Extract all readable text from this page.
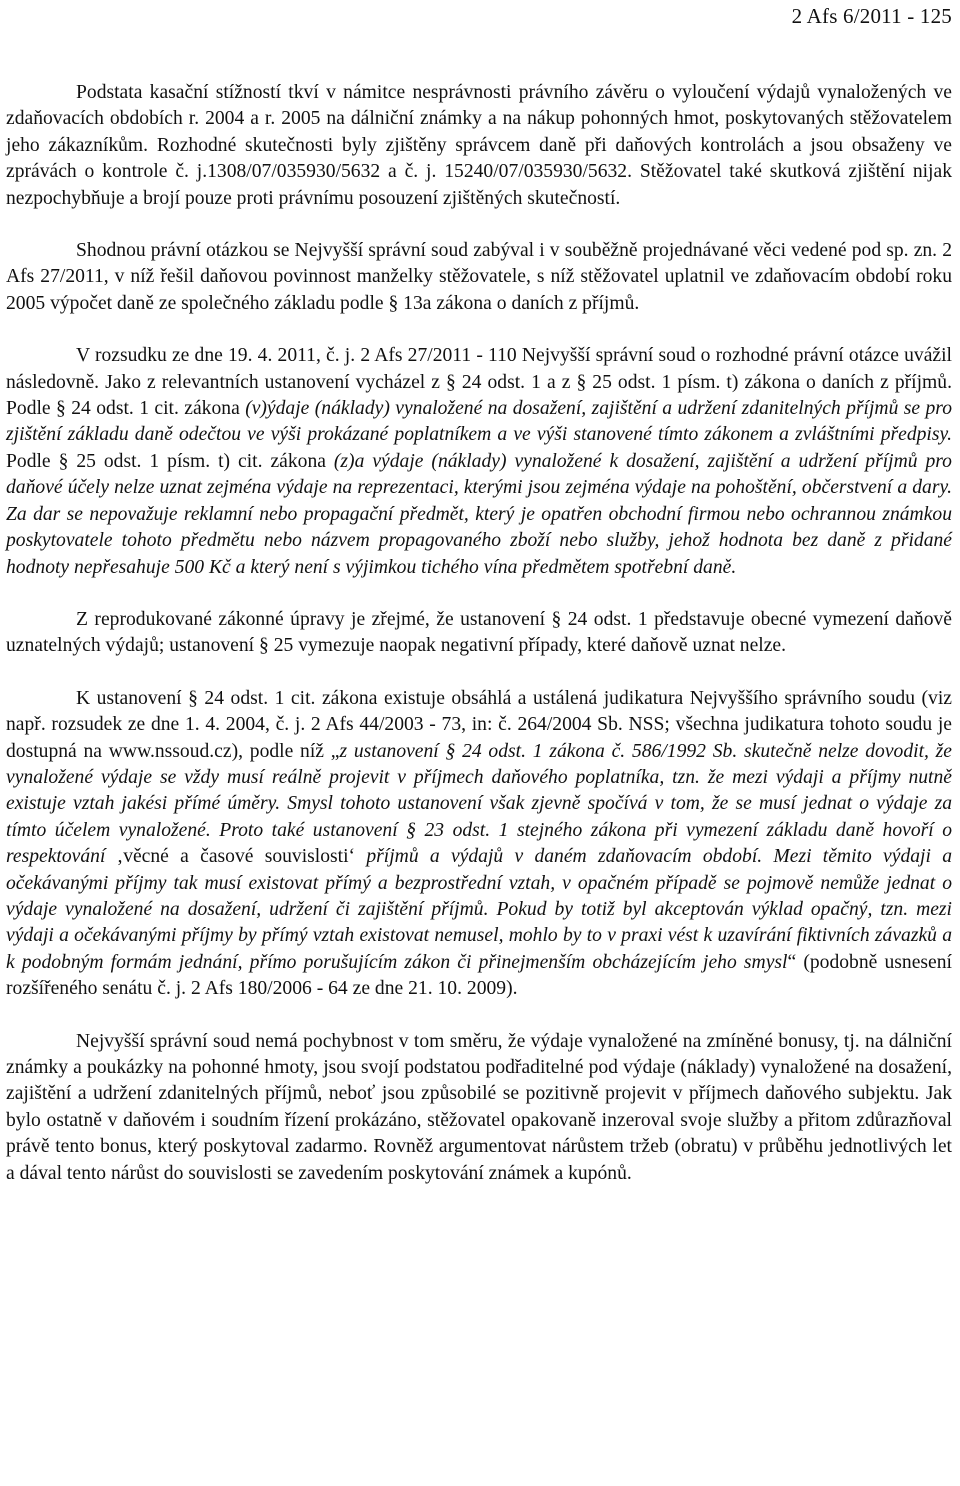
2 Afs 6/2011 - 125

Podstata kasační stížností tkví v námitce nesprávnosti právního závěru o vyloučení výdajů vynaložených ve zdaňovacích obdobích r. 2004 a r. 2005 na dálniční známky a na nákup pohonných hmot, poskytovaných stěžovatelem jeho zákazníkům. Rozhodné skutečnosti byly zjištěny správcem daně při daňových kontrolách a jsou obsaženy ve zprávách o kontrole č. j.1308/07/035930/5632 a č. j. 15240/07/035930/5632. Stěžovatel také skutková zjištění nijak nezpochybňuje a brojí pouze proti právnímu posouzení zjištěných skutečností.

Shodnou právní otázkou se Nejvyšší správní soud zabýval i v souběžně projednávané věci vedené pod sp. zn. 2 Afs 27/2011, v níž řešil daňovou povinnost manželky stěžovatele, s níž stěžovatel uplatnil ve zdaňovacím období roku 2005 výpočet daně ze společného základu podle § 13a zákona o daních z příjmů.

V rozsudku ze dne 19. 4. 2011, č. j. 2 Afs 27/2011 - 110 Nejvyšší správní soud o rozhodné právní otázce uvážil následovně. Jako z relevantních ustanovení vycházel z § 24 odst. 1 a z § 25 odst. 1 písm. t) zákona o daních z příjmů. Podle § 24 odst. 1 cit. zákona (v)ýdaje (náklady) vynaložené na dosažení, zajištění a udržení zdanitelných příjmů se pro zjištění základu daně odečtou ve výši prokázané poplatníkem a ve výši stanovené tímto zákonem a zvláštními předpisy. Podle § 25 odst. 1 písm. t) cit. zákona (z)a výdaje (náklady) vynaložené k dosažení, zajištění a udržení příjmů pro daňové účely nelze uznat zejména výdaje na reprezentaci, kterými jsou zejména výdaje na pohoštění, občerstvení a dary. Za dar se nepovažuje reklamní nebo propagační předmět, který je opatřen obchodní firmou nebo ochrannou známkou poskytovatele tohoto předmětu nebo názvem propagovaného zboží nebo služby, jehož hodnota bez daně z přidané hodnoty nepřesahuje 500 Kč a který není s výjimkou tichého vína předmětem spotřební daně.

Z reprodukované zákonné úpravy je zřejmé, že ustanovení § 24 odst. 1 představuje obecné vymezení daňově uznatelných výdajů; ustanovení § 25 vymezuje naopak negativní případy, které daňově uznat nelze.

K ustanovení § 24 odst. 1 cit. zákona existuje obsáhlá a ustálená judikatura Nejvyššího správního soudu (viz např. rozsudek ze dne 1. 4. 2004, č. j. 2 Afs 44/2003 - 73, in: č. 264/2004 Sb. NSS; všechna judikatura tohoto soudu je dostupná na www.nssoud.cz), podle níž „z ustanovení § 24 odst. 1 zákona č. 586/1992 Sb. skutečně nelze dovodit, že vynaložené výdaje se vždy musí reálně projevit v příjmech daňového poplatníka, tzn. že mezi výdaji a příjmy nutně existuje vztah jakési přímé úměry. Smysl tohoto ustanovení však zjevně spočívá v tom, že se musí jednat o výdaje za tímto účelem vynaložené. Proto také ustanovení § 23 odst. 1 stejného zákona při vymezení základu daně hovoří o respektování ‚věcné a časové souvislosti‘ příjmů a výdajů v daném zdaňovacím období. Mezi těmito výdaji a očekávanými příjmy tak musí existovat přímý a bezprostřední vztah, v opačném případě se pojmově nemůže jednat o výdaje vynaložené na dosažení, udržení či zajištění příjmů. Pokud by totiž byl akceptován výklad opačný, tzn. mezi výdaji a očekávanými příjmy by přímý vztah existovat nemusel, mohlo by to v praxi vést k uzavírání fiktivních závazků a k podobným formám jednání, přímo porušujícím zákon či přinejmenším obcházejícím jeho smysl“ (podobně usnesení rozšířeného senátu č. j. 2 Afs 180/2006 - 64 ze dne 21. 10. 2009).

Nejvyšší správní soud nemá pochybnost v tom směru, že výdaje vynaložené na zmíněné bonusy, tj. na dálniční známky a poukázky na pohonné hmoty, jsou svojí podstatou podřaditelné pod výdaje (náklady) vynaložené na dosažení, zajištění a udržení zdanitelných příjmů, neboť jsou způsobilé se pozitivně projevit v příjmech daňového subjektu. Jak bylo ostatně v daňovém i soudním řízení prokázáno, stěžovatel opakovaně inzeroval svoje služby a přitom zdůrazňoval právě tento bonus, který poskytoval zadarmo. Rovněž argumentovat nárůstem tržeb (obratu) v průběhu jednotlivých let a dával tento nárůst do souvislosti se zavedením poskytování známek a kupónů.
